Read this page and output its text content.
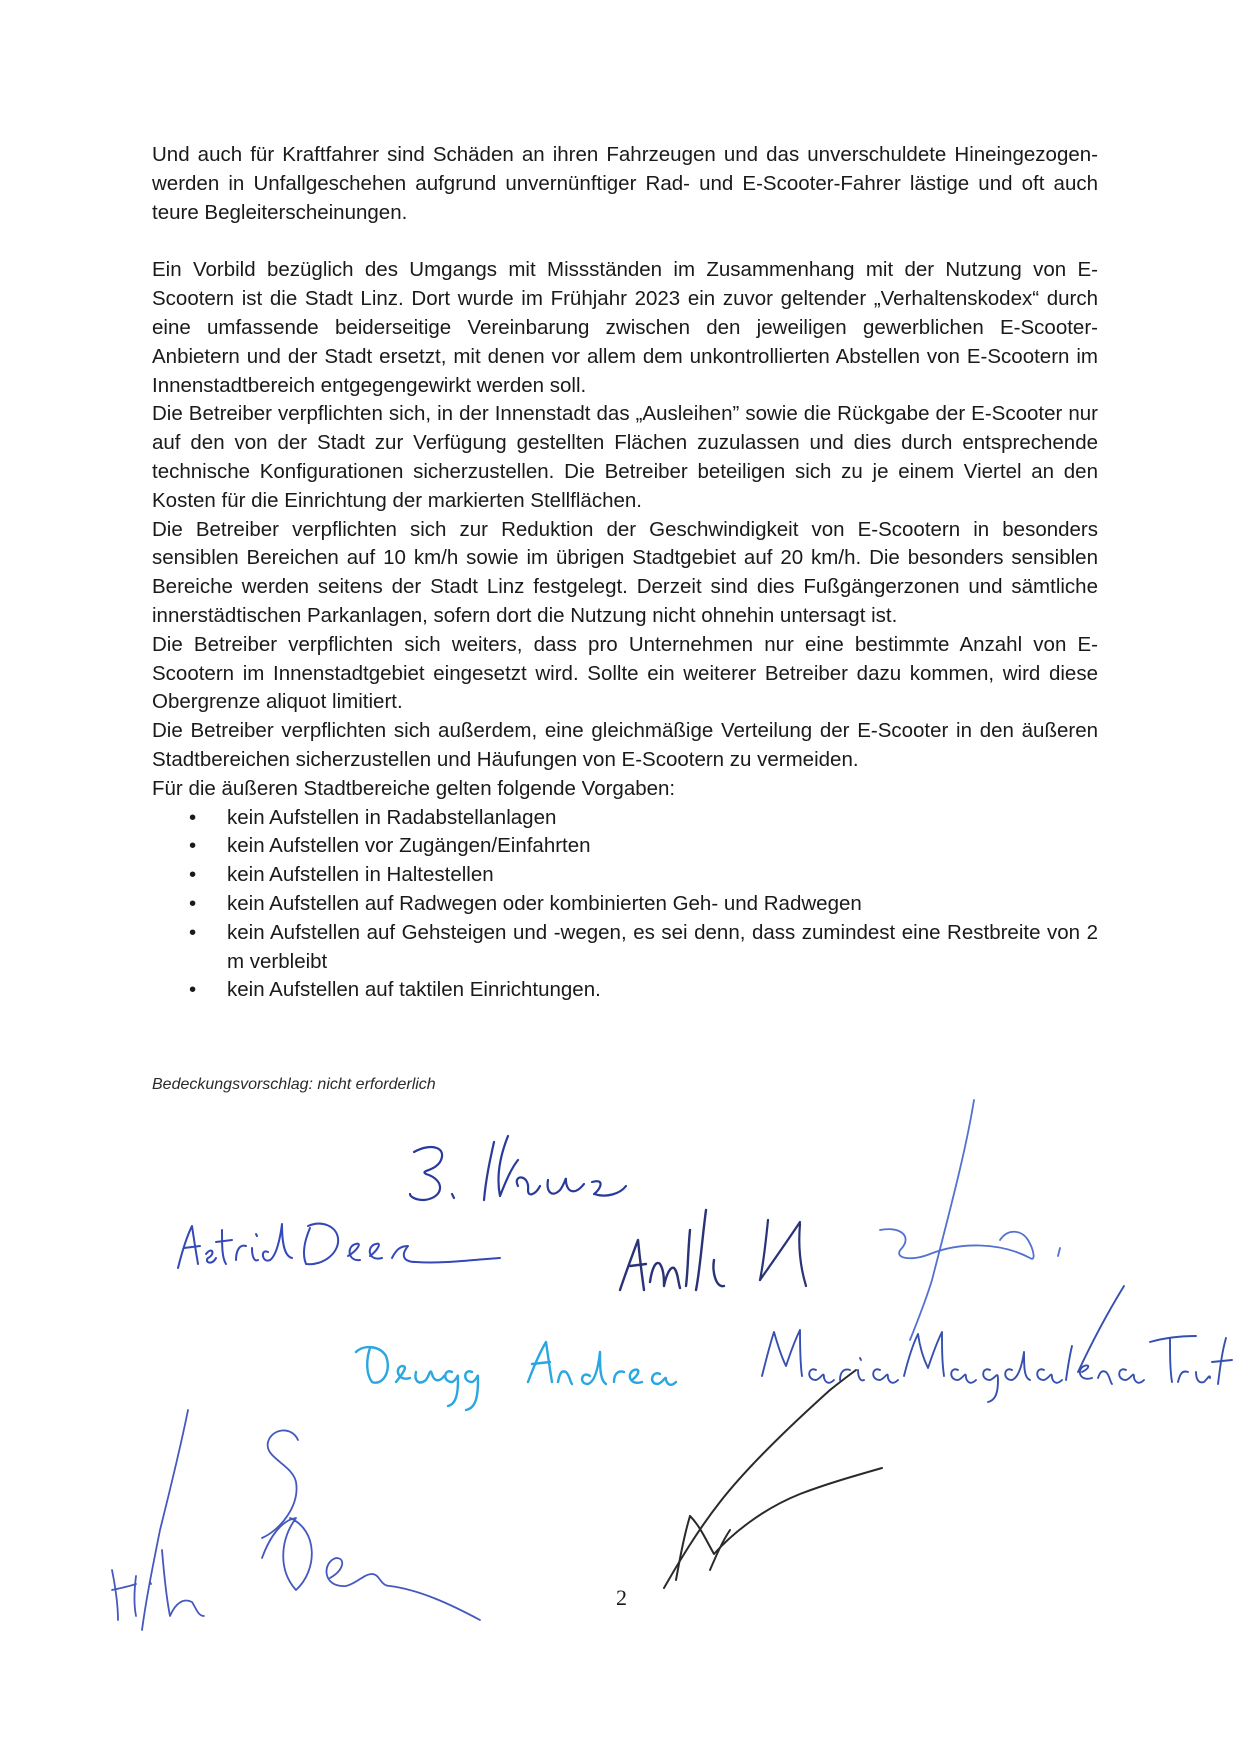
Und auch für Kraftfahrer sind Schäden an ihren Fahrzeugen und das unverschuldete Hineingezogen-werden in Unfallgeschehen aufgrund unvernünftiger Rad- und E-Scooter-Fahrer lästige und oft auch teure Begleiterscheinungen.

Ein Vorbild bezüglich des Umgangs mit Missständen im Zusammenhang mit der Nutzung von E-Scootern ist die Stadt Linz. Dort wurde im Frühjahr 2023 ein zuvor geltender „Verhaltenskodex“ durch eine umfassende beiderseitige Vereinbarung zwischen den jeweiligen gewerblichen E-Scooter-Anbietern und der Stadt ersetzt, mit denen vor allem dem unkontrollierten Abstellen von E-Scootern im Innenstadtbereich entgegengewirkt werden soll.

Die Betreiber verpflichten sich, in der Innenstadt das „Ausleihen” sowie die Rückgabe der E-Scooter nur auf den von der Stadt zur Verfügung gestellten Flächen zuzulassen und dies durch entsprechende technische Konfigurationen sicherzustellen. Die Betreiber beteiligen sich zu je einem Viertel an den Kosten für die Einrichtung der markierten Stellflächen.

Die Betreiber verpflichten sich zur Reduktion der Geschwindigkeit von E-Scootern in besonders sensiblen Bereichen auf 10 km/h sowie im übrigen Stadtgebiet auf 20 km/h. Die besonders sensiblen Bereiche werden seitens der Stadt Linz festgelegt. Derzeit sind dies Fußgängerzonen und sämtliche innerstädtischen Parkanlagen, sofern dort die Nutzung nicht ohnehin untersagt ist.

Die Betreiber verpflichten sich weiters, dass pro Unternehmen nur eine bestimmte Anzahl von E-Scootern im Innenstadtgebiet eingesetzt wird. Sollte ein weiterer Betreiber dazu kommen, wird diese Obergrenze aliquot limitiert.

Die Betreiber verpflichten sich außerdem, eine gleichmäßige Verteilung der E-Scooter in den äußeren Stadtbereichen sicherzustellen und Häufungen von E-Scootern zu vermeiden.

Für die äußeren Stadtbereiche gelten folgende Vorgaben:

• kein Aufstellen in Radabstellanlagen
• kein Aufstellen vor Zugängen/Einfahrten
• kein Aufstellen in Haltestellen
• kein Aufstellen auf Radwegen oder kombinierten Geh- und Radwegen
• kein Aufstellen auf Gehsteigen und -wegen, es sei denn, dass zumindest eine Restbreite von 2 m verbleibt
• kein Aufstellen auf taktilen Einrichtungen.
Bedeckungsvorschlag: nicht erforderlich
2
